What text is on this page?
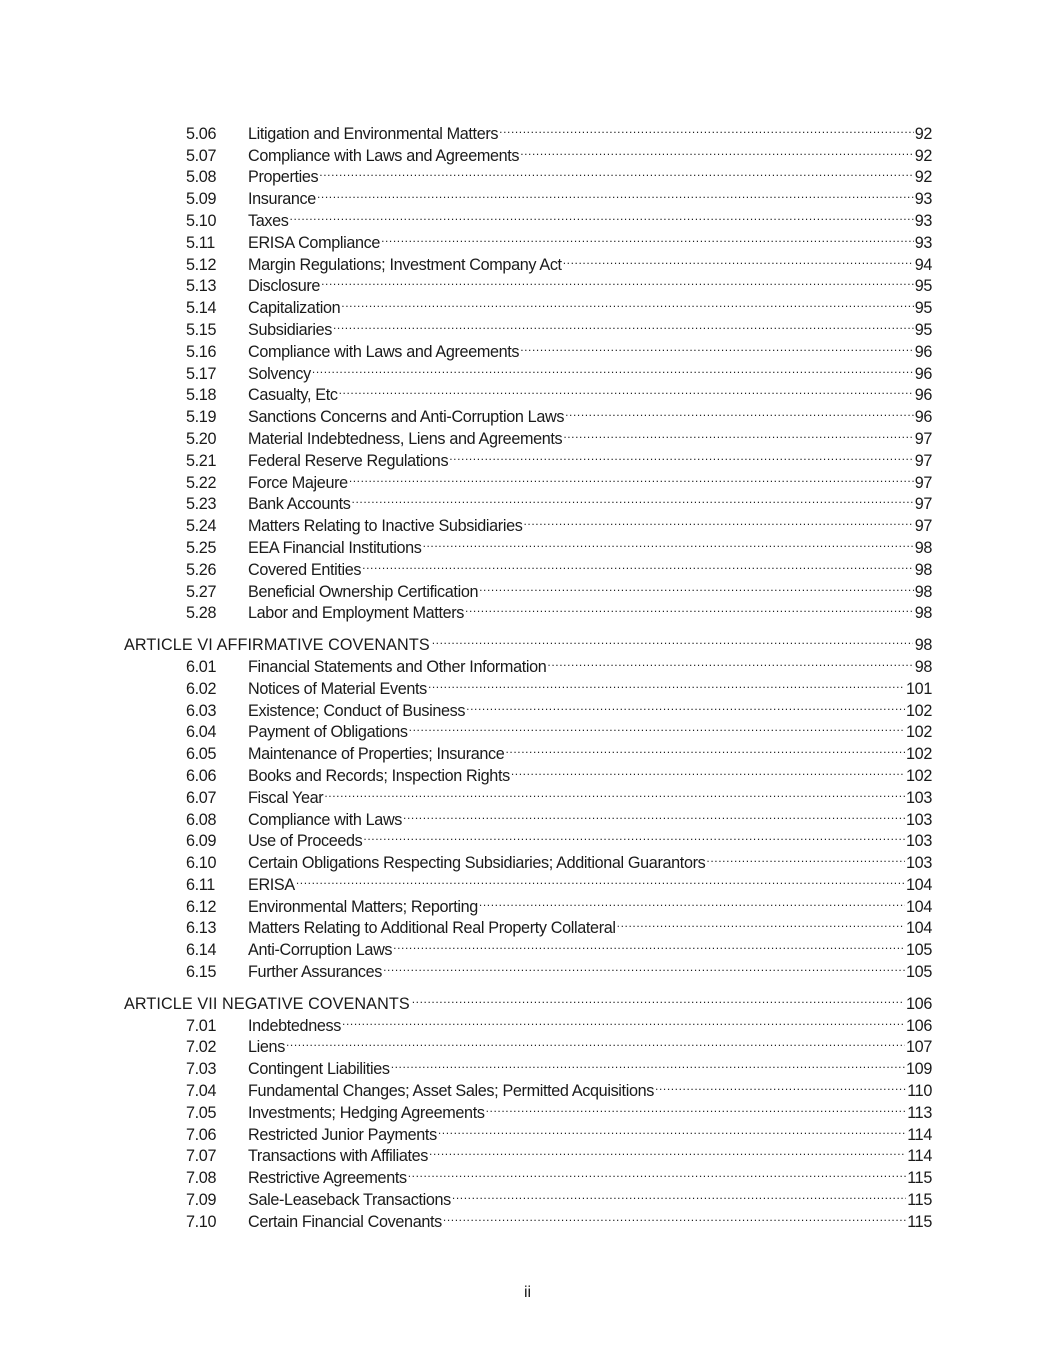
5.06	Litigation and Environmental Matters .....	92
5.07	Compliance with Laws and Agreements .....	92
5.08	Properties .....	92
5.09	Insurance .....	93
5.10	Taxes .....	93
5.11	ERISA Compliance .....	93
5.12	Margin Regulations; Investment Company Act .....	94
5.13	Disclosure .....	95
5.14	Capitalization .....	95
5.15	Subsidiaries .....	95
5.16	Compliance with Laws and Agreements .....	96
5.17	Solvency .....	96
5.18	Casualty, Etc .....	96
5.19	Sanctions Concerns and Anti-Corruption Laws .....	96
5.20	Material Indebtedness, Liens and Agreements .....	97
5.21	Federal Reserve Regulations .....	97
5.22	Force Majeure .....	97
5.23	Bank Accounts .....	97
5.24	Matters Relating to Inactive Subsidiaries .....	97
5.25	EEA Financial Institutions .....	98
5.26	Covered Entities .....	98
5.27	Beneficial Ownership Certification .....	98
5.28	Labor and Employment Matters .....	98
ARTICLE VI AFFIRMATIVE COVENANTS .....	98
6.01	Financial Statements and Other Information .....	98
6.02	Notices of Material Events .....	101
6.03	Existence; Conduct of Business .....	102
6.04	Payment of Obligations .....	102
6.05	Maintenance of Properties; Insurance .....	102
6.06	Books and Records; Inspection Rights .....	102
6.07	Fiscal Year .....	103
6.08	Compliance with Laws .....	103
6.09	Use of Proceeds .....	103
6.10	Certain Obligations Respecting Subsidiaries; Additional Guarantors .....	103
6.11	ERISA .....	104
6.12	Environmental Matters; Reporting .....	104
6.13	Matters Relating to Additional Real Property Collateral .....	104
6.14	Anti-Corruption Laws .....	105
6.15	Further Assurances .....	105
ARTICLE VII NEGATIVE COVENANTS .....	106
7.01	Indebtedness .....	106
7.02	Liens .....	107
7.03	Contingent Liabilities .....	109
7.04	Fundamental Changes; Asset Sales; Permitted Acquisitions .....	110
7.05	Investments; Hedging Agreements .....	113
7.06	Restricted Junior Payments .....	114
7.07	Transactions with Affiliates .....	114
7.08	Restrictive Agreements .....	115
7.09	Sale-Leaseback Transactions .....	115
7.10	Certain Financial Covenants .....	115
ii
